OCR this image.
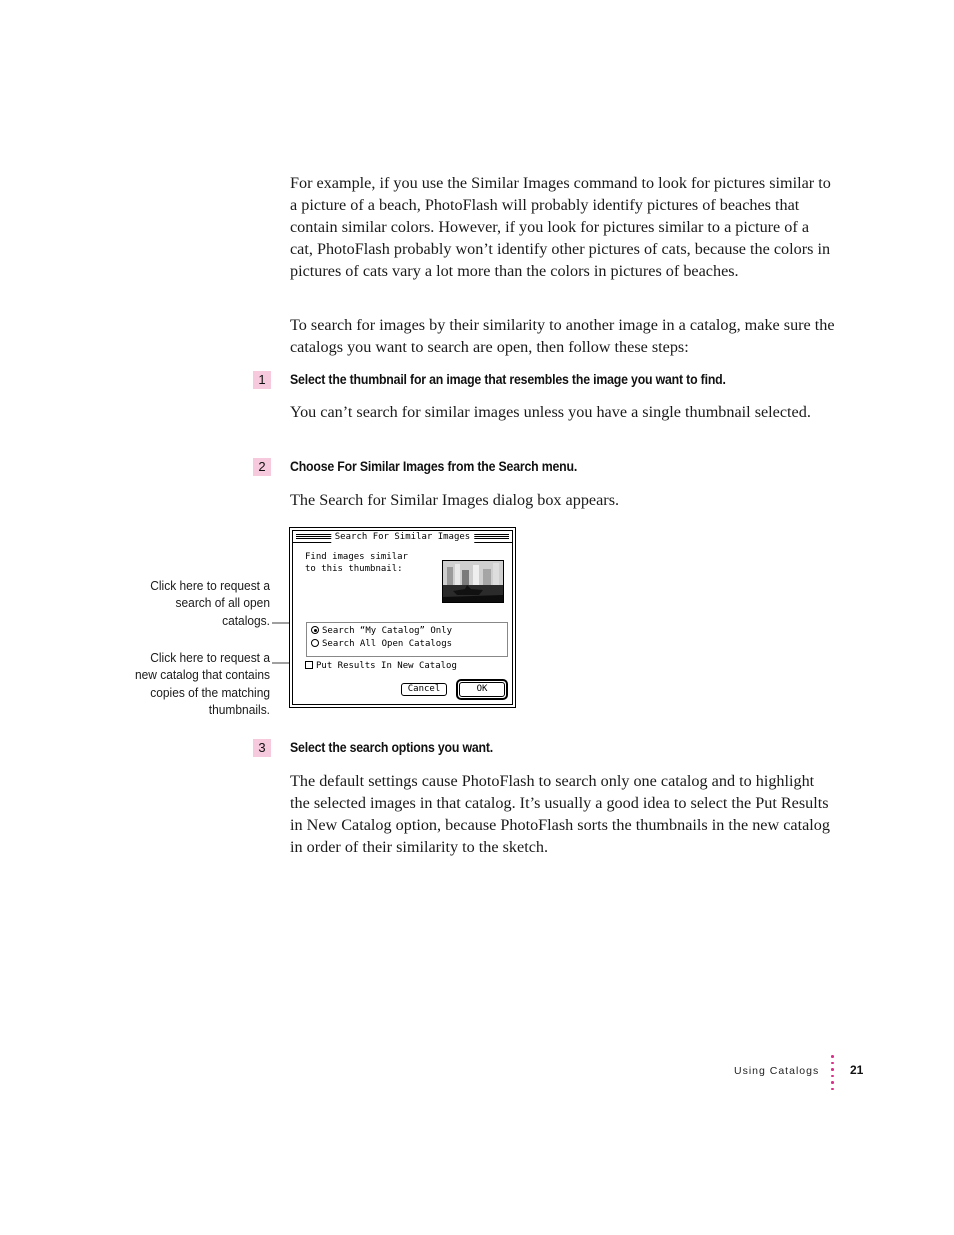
For example, if you use the Similar Images command to look for pictures similar to a picture of a beach, PhotoFlash will probably identify pictures of beaches that contain similar colors. However, if you look for pictures similar to a picture of a cat, PhotoFlash probably won’t identify other pictures of cats, because the colors in pictures of cats vary a lot more than the colors in pictures of beaches.

To search for images by their similarity to another image in a catalog, make sure the catalogs you want to search are open, then follow these steps:

1	Select the thumbnail for an image that resembles the image you want to find.

You can’t search for similar images unless you have a single thumbnail selected.

2	Choose For Similar Images from the Search menu.

The Search for Similar Images dialog box appears.

Click here to request a search of all open catalogs.
Click here to request a new catalog that contains copies of the matching thumbnails.
Search For Similar Images
Find images similar
to this thumbnail:
Search “My Catalog” Only
Search All Open Catalogs
Put Results In New Catalog
Cancel	OK
3	Select the search options you want.

The default settings cause PhotoFlash to search only one catalog and to highlight the selected images in that catalog. It’s usually a good idea to select the Put Results in New Catalog option, because PhotoFlash sorts the thumbnails in the new catalog in order of their similarity to the sketch.

Using Catalogs	21
